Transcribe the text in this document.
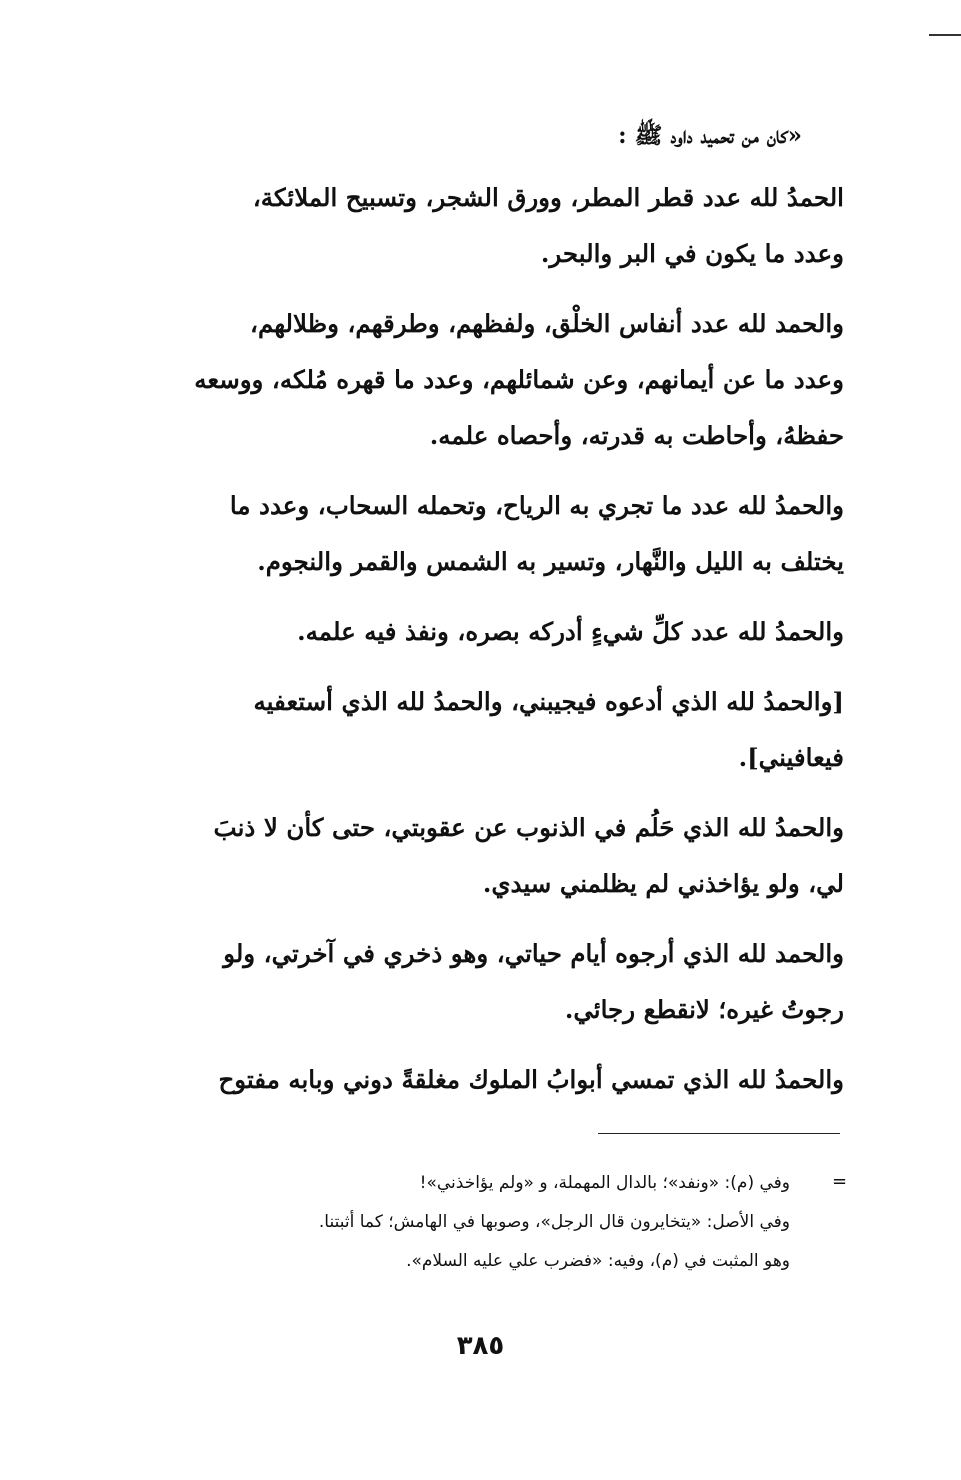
«كان من تحميد داود ﷺ :
الحمدُ لله عدد قطر المطر، وورق الشجر، وتسبيح الملائكة،
وعدد ما يكون في البر والبحر.
والحمد لله عدد أنفاس الخلْق، ولفظهم، وطرقهم، وظلالهم،
وعدد ما عن أيمانهم، وعن شمائلهم، وعدد ما قهره مُلكه، ووسعه
حفظهُ، وأحاطت به قدرته، وأحصاه علمه.
والحمدُ لله عدد ما تجري به الرياح، وتحمله السحاب، وعدد ما
يختلف به الليل والنَّهار، وتسير به الشمس والقمر والنجوم.
والحمدُ لله عدد كلِّ شيءٍ أدركه بصره، ونفذ فيه علمه.
[والحمدُ لله الذي أدعوه فيجيبني، والحمدُ لله الذي أستعفيه
فيعافيني].
والحمدُ لله الذي حَلُم في الذنوب عن عقوبتي، حتى كأن لا ذنبَ
لي، ولو يؤاخذني لم يظلمني سيدي.
والحمد لله الذي أرجوه أيام حياتي، وهو ذخري في آخرتي، ولو
رجوتُ غيره؛ لانقطع رجائي.
والحمدُ لله الذي تمسي أبوابُ الملوك مغلقةً دوني وبابه مفتوح
=
وفي (م): «ونفد»؛ بالدال المهملة، و «ولم يؤاخذني»!
وفي الأصل: «يتخايرون قال الرجل»، وصوبها في الهامش؛ كما أثبتنا.
وهو المثبت في (م)، وفيه: «فضرب علي عليه السلام».
٣٨٥
